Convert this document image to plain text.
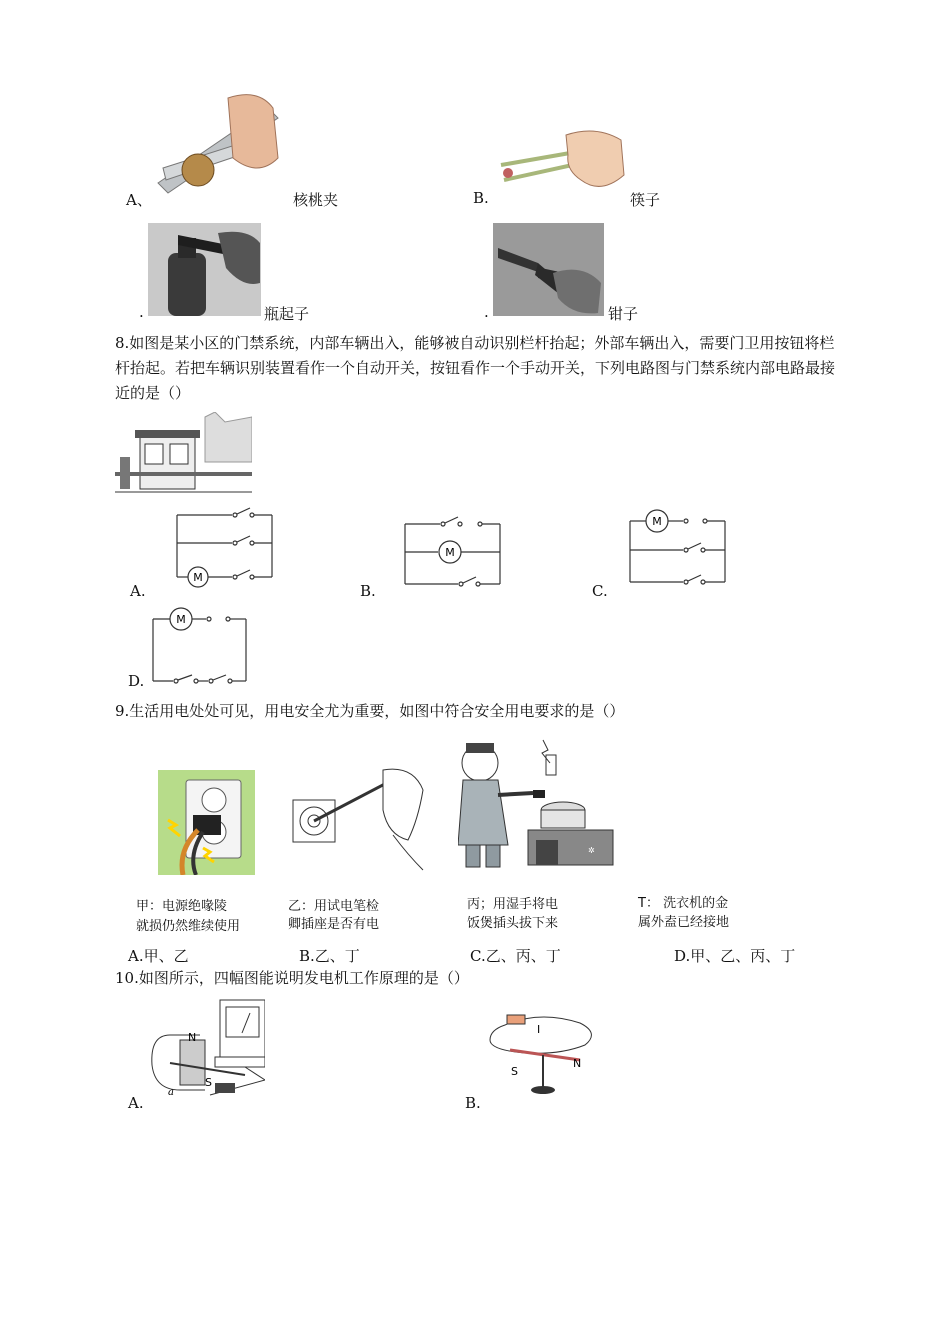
A、	核桃夹	B.	筷子
.	瓶起子	.	钳子
8.如图是某小区的门禁系统，内部车辆出入，能够被自动识别栏杆抬起；外部车辆出入，需要门卫用按钮将栏杆抬起。若把车辆识别装置看作一个自动开关，按钮看作一个手动开关，下列电路图与门禁系统内部电路最接近的是（）
M
A.
M
B.
M
C.
M
D.
9.生活用电处处可见，用电安全尤为重要，如图中符合安全用电要求的是（）
✲
甲：电源绝喙陵
就损仍然维续使用
乙：用试电笔检
卿插座是否有电
丙；用湿手将电
饭煲插头拔下来
T： 洗衣机的金
属外盍已经接地
A.甲、乙	B.乙、丁	C.乙、丙、丁	D.甲、乙、丙、丁
10.如图所示，四幅图能说明发电机工作原理的是（）
N
S
a
A.
I
S
N
B.
